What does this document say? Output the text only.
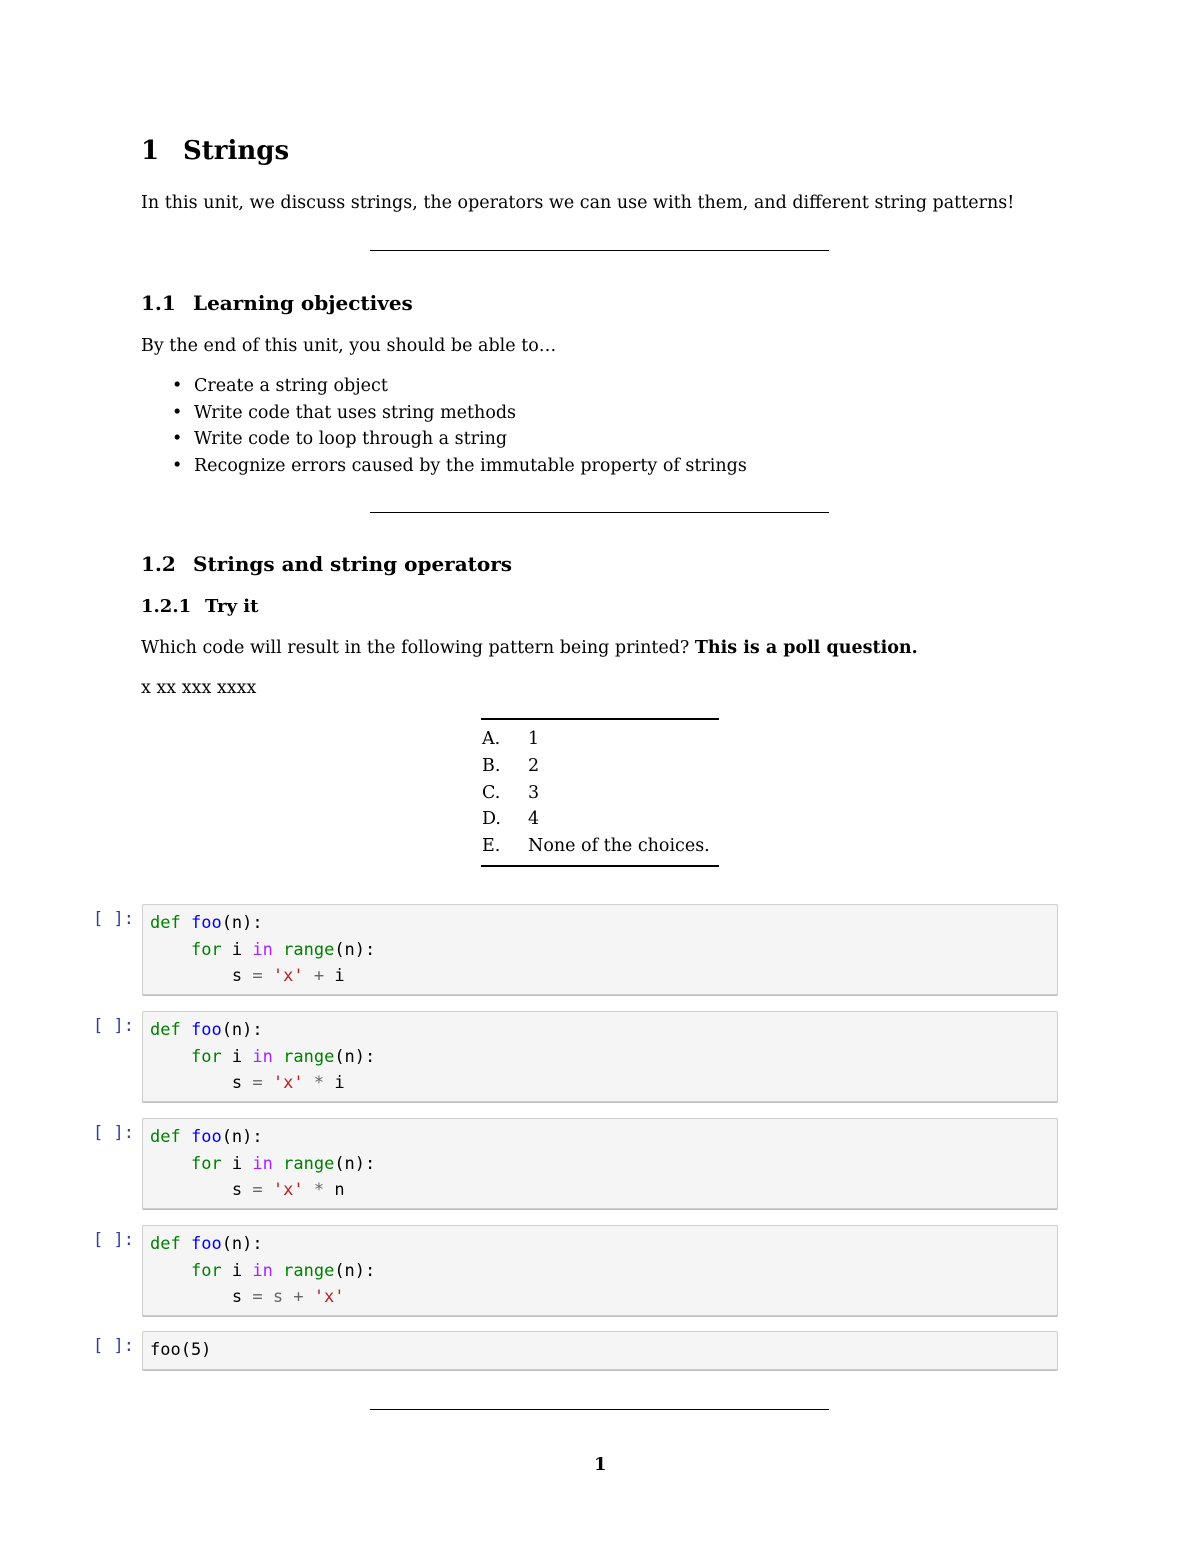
1 Strings
In this unit, we discuss strings, the operators we can use with them, and different string patterns!
1.1 Learning objectives
By the end of this unit, you should be able to…
• Create a string object
• Write code that uses string methods
• Write code to loop through a string
• Recognize errors caused by the immutable property of strings
1.2 Strings and string operators
1.2.1 Try it
Which code will result in the following pattern being printed? This is a poll question.
x xx xxx xxxx
A. 1
B. 2
C. 3
D. 4
E. None of the choices.
[ ]: def foo(n):
for i in range(n):
s = 'x' + i
[ ]: def foo(n):
for i in range(n):
s = 'x' * i
[ ]: def foo(n):
for i in range(n):
s = 'x' * n
[ ]: def foo(n):
for i in range(n):
s = s + 'x'
[ ]: foo(5)
1
